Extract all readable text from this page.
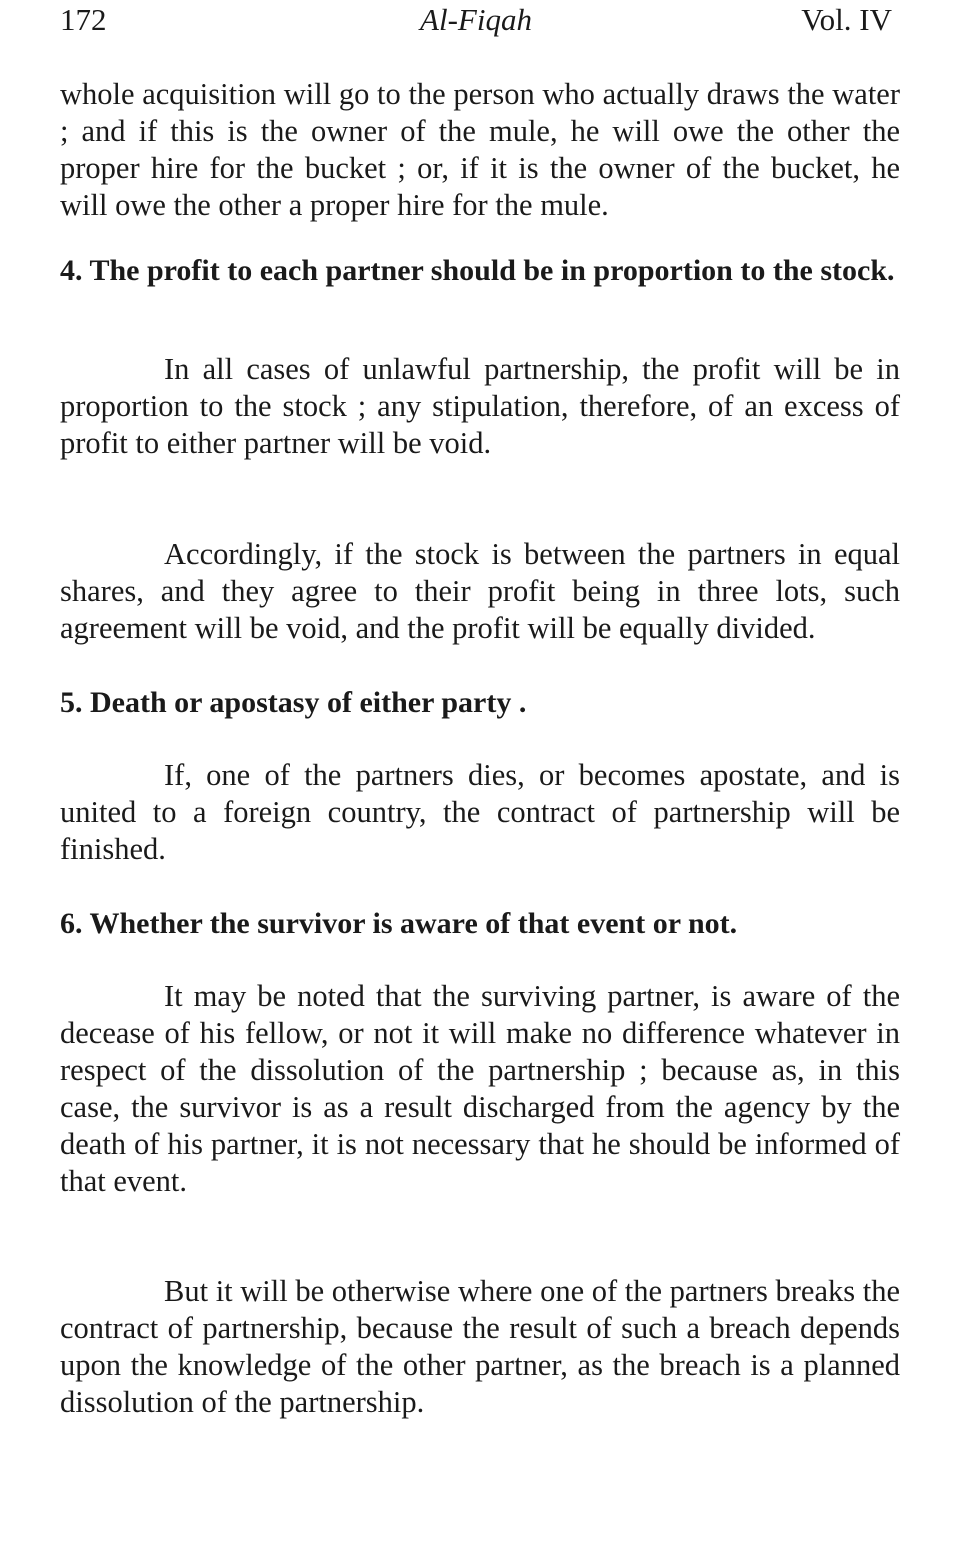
172	Al-Fiqah	Vol. IV

whole acquisition will go to the person who actually draws the water ; and if this is the owner of the mule, he will owe the other the proper hire for the bucket ; or, if it is the owner of the bucket, he will owe the other a proper hire for the mule.

4. The profit to each partner should be in proportion to the stock.

In all cases of unlawful partnership, the profit will be in proportion to the stock ; any stipulation, therefore, of an excess of profit to either partner will be void.

Accordingly, if the stock is between the partners in equal shares, and they agree to their profit being in three lots, such agreement will be void, and the profit will be equally divided.

5. Death or apostasy of either party .

If, one of the partners dies, or becomes apostate, and is united to a foreign country, the contract of partnership will be finished.

6. Whether the survivor is aware of that event or not.

It may be noted that the surviving partner, is aware of the decease of his fellow, or not it will make no difference whatever in respect of the dissolution of the partnership ; because as, in this case, the survivor is as a result discharged from the agency by the death of his partner, it is not necessary that he should be informed of that event.

But it will be otherwise where one of the partners breaks the contract of partnership, because the result of such a breach depends upon the knowledge of the other partner, as the breach is a planned dissolution of the partnership.
